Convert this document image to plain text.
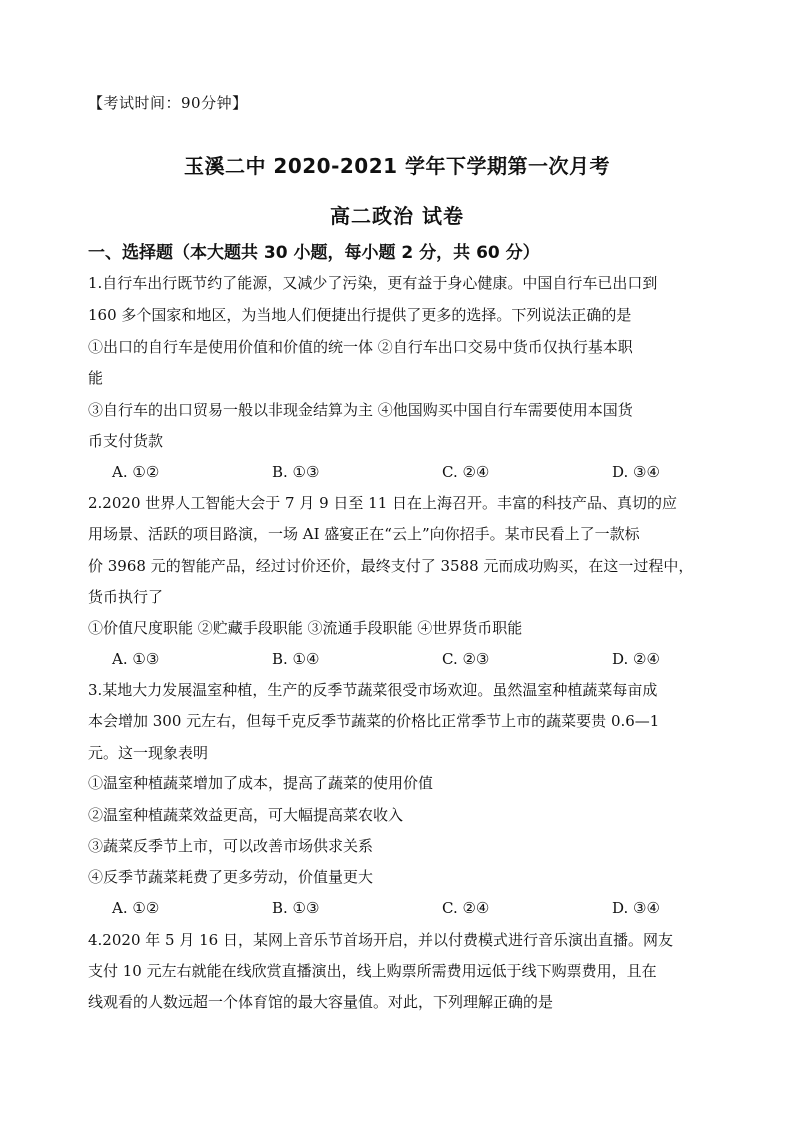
【考试时间：90分钟】
玉溪二中 2020-2021 学年下学期第一次月考
高二政治 试卷
一、选择题（本大题共 30 小题，每小题 2 分，共 60 分）
1.自行车出行既节约了能源，又减少了污染，更有益于身心健康。中国自行车已出口到
160 多个国家和地区，为当地人们便捷出行提供了更多的选择。下列说法正确的是
①出口的自行车是使用价值和价值的统一体 ②自行车出口交易中货币仅执行基本职
能
③自行车的出口贸易一般以非现金结算为主 ④他国购买中国自行车需要使用本国货
币支付货款
A. ①②	B. ①③	C. ②④	D. ③④
2.2020 世界人工智能大会于 7 月 9 日至 11 日在上海召开。丰富的科技产品、真切的应
用场景、活跃的项目路演，一场 AI 盛宴正在“云上”向你招手。某市民看上了一款标
价 3968 元的智能产品，经过讨价还价，最终支付了 3588 元而成功购买，在这一过程中，
货币执行了
①价值尺度职能 ②贮藏手段职能 ③流通手段职能 ④世界货币职能
A. ①③	B. ①④	C. ②③	D. ②④
3.某地大力发展温室种植，生产的反季节蔬菜很受市场欢迎。虽然温室种植蔬菜每亩成
本会增加 300 元左右，但每千克反季节蔬菜的价格比正常季节上市的蔬菜要贵 0.6—1
元。这一现象表明
①温室种植蔬菜增加了成本，提高了蔬菜的使用价值
②温室种植蔬菜效益更高，可大幅提高菜农收入
③蔬菜反季节上市，可以改善市场供求关系
④反季节蔬菜耗费了更多劳动，价值量更大
A. ①②	B. ①③	C. ②④	D. ③④
4.2020 年 5 月 16 日，某网上音乐节首场开启，并以付费模式进行音乐演出直播。网友
支付 10 元左右就能在线欣赏直播演出，线上购票所需费用远低于线下购票费用，且在
线观看的人数远超一个体育馆的最大容量值。对此，下列理解正确的是
